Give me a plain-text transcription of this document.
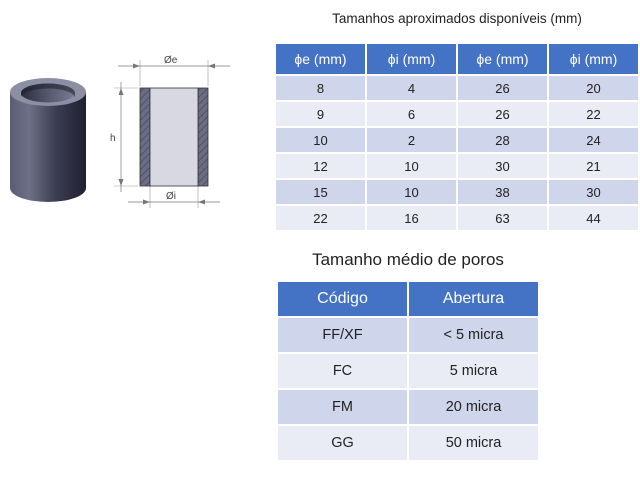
Øe
h
Øi
Tamanhos aproximados disponíveis (mm)
ϕe (mm)	ϕi (mm)	ϕe (mm)	ϕi (mm)
8	4	26	20
9	6	26	22
10	2	28	24
12	10	30	21
15	10	38	30
22	16	63	44
Tamanho médio de poros
Código	Abertura
FF/XF	< 5 micra
FC	5 micra
FM	20 micra
GG	50 micra
